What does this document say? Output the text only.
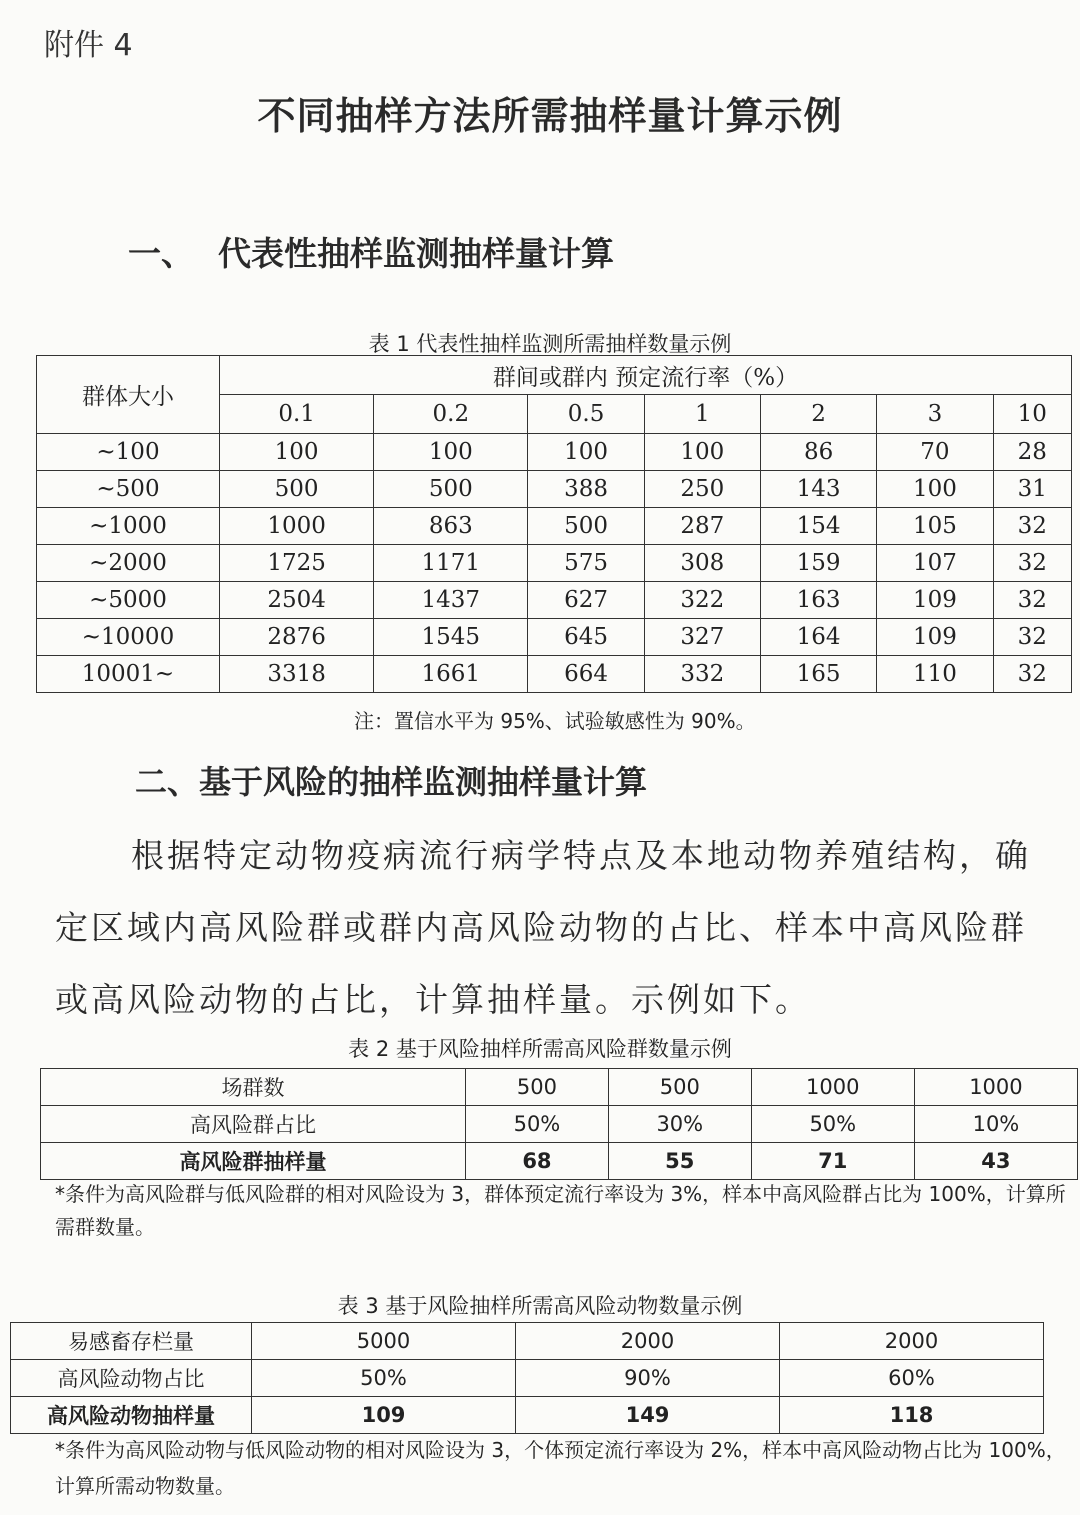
附件 4
不同抽样方法所需抽样量计算示例
一、 代表性抽样监测抽样量计算
表 1 代表性抽样监测所需抽样数量示例
群体大小	群间或群内 预定流行率（%）						
	0.1	0.2	0.5	1	2	3	10
~100	100	100	100	100	86	70	28
~500	500	500	388	250	143	100	31
~1000	1000	863	500	287	154	105	32
~2000	1725	1171	575	308	159	107	32
~5000	2504	1437	627	322	163	109	32
~10000	2876	1545	645	327	164	109	32
10001~	3318	1661	664	332	165	110	32
注：置信水平为 95%、试验敏感性为 90%。
二、基于风险的抽样监测抽样量计算
根据特定动物疫病流行病学特点及本地动物养殖结构，确定区域内高风险群或群内高风险动物的占比、样本中高风险群或高风险动物的占比，计算抽样量。示例如下。
表 2 基于风险抽样所需高风险群数量示例
场群数	500	500	1000	1000
高风险群占比	50%	30%	50%	10%
高风险群抽样量	68	55	71	43
*条件为高风险群与低风险群的相对风险设为 3，群体预定流行率设为 3%，样本中高风险群占比为 100%，计算所需群数量。
表 3 基于风险抽样所需高风险动物数量示例
易感畜存栏量	5000	2000	2000
高风险动物占比	50%	90%	60%
高风险动物抽样量	109	149	118
*条件为高风险动物与低风险动物的相对风险设为 3，个体预定流行率设为 2%，样本中高风险动物占比为 100%，计算所需动物数量。
